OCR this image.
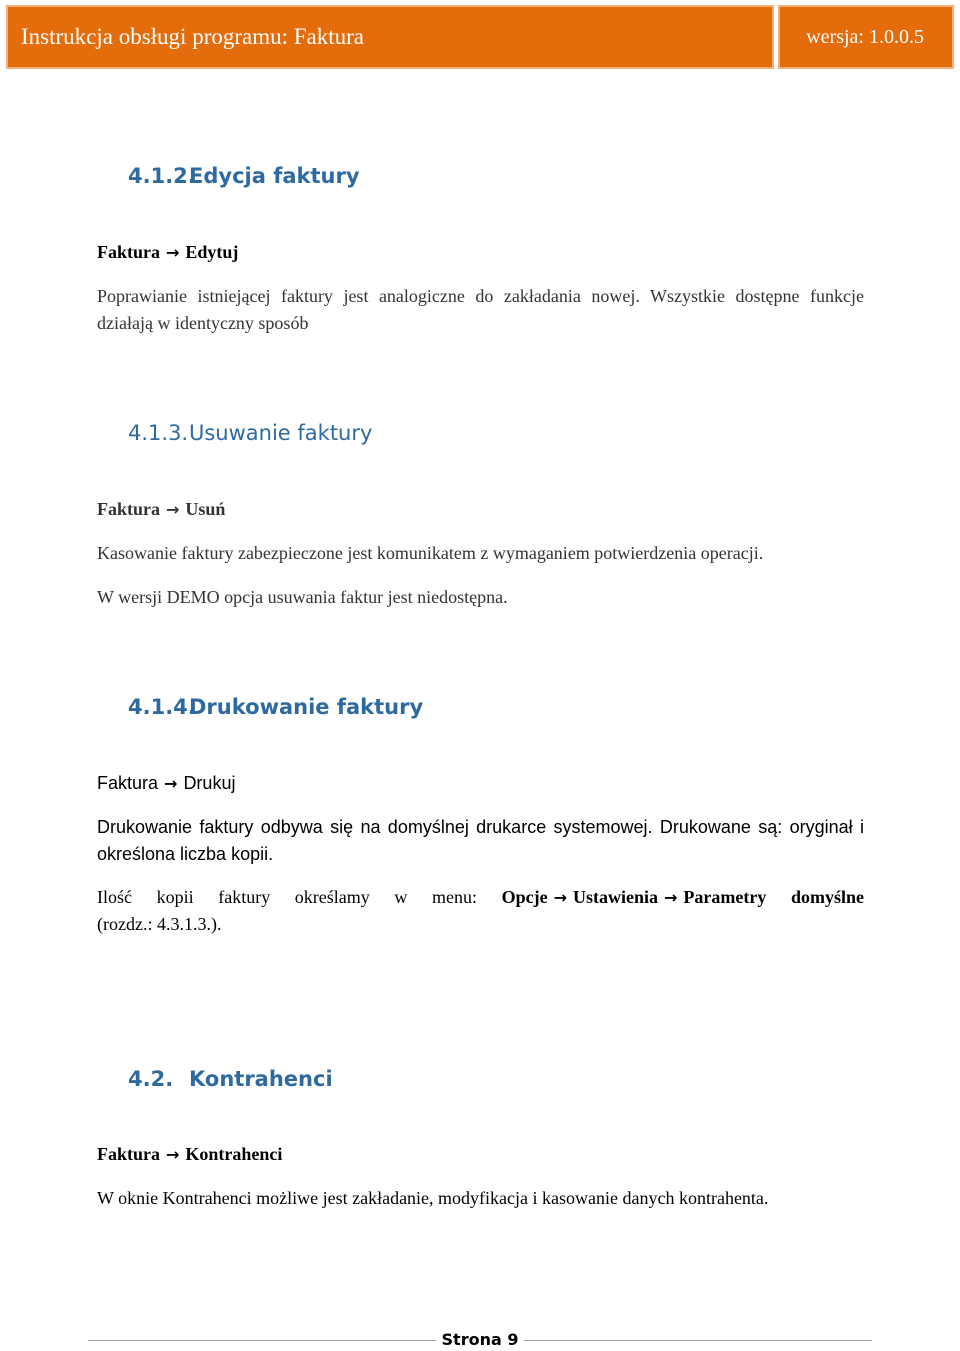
Instrukcja obsługi programu: Faktura	wersja: 1.0.0.5
4.1.2.Edycja faktury

Faktura → Edytuj

Poprawianie istniejącej faktury jest analogiczne do zakładania nowej. Wszystkie dostępne funkcje działają w identyczny sposób

4.1.3.Usuwanie faktury

Faktura → Usuń

Kasowanie faktury zabezpieczone jest komunikatem z wymaganiem potwierdzenia operacji.

W wersji DEMO opcja usuwania faktur jest niedostępna.

4.1.4.Drukowanie faktury

Faktura → Drukuj

Drukowanie faktury odbywa się na domyślnej drukarce systemowej. Drukowane są: oryginał i określona liczba kopii.

Ilość kopii faktury określamy w menu: Opcje → Ustawienia → Parametry domyślne

(rozdz.: 4.3.1.3.).

4.2. Kontrahenci

Faktura → Kontrahenci

W oknie Kontrahenci możliwe jest zakładanie, modyfikacja i kasowanie danych kontrahenta.

Strona 9
